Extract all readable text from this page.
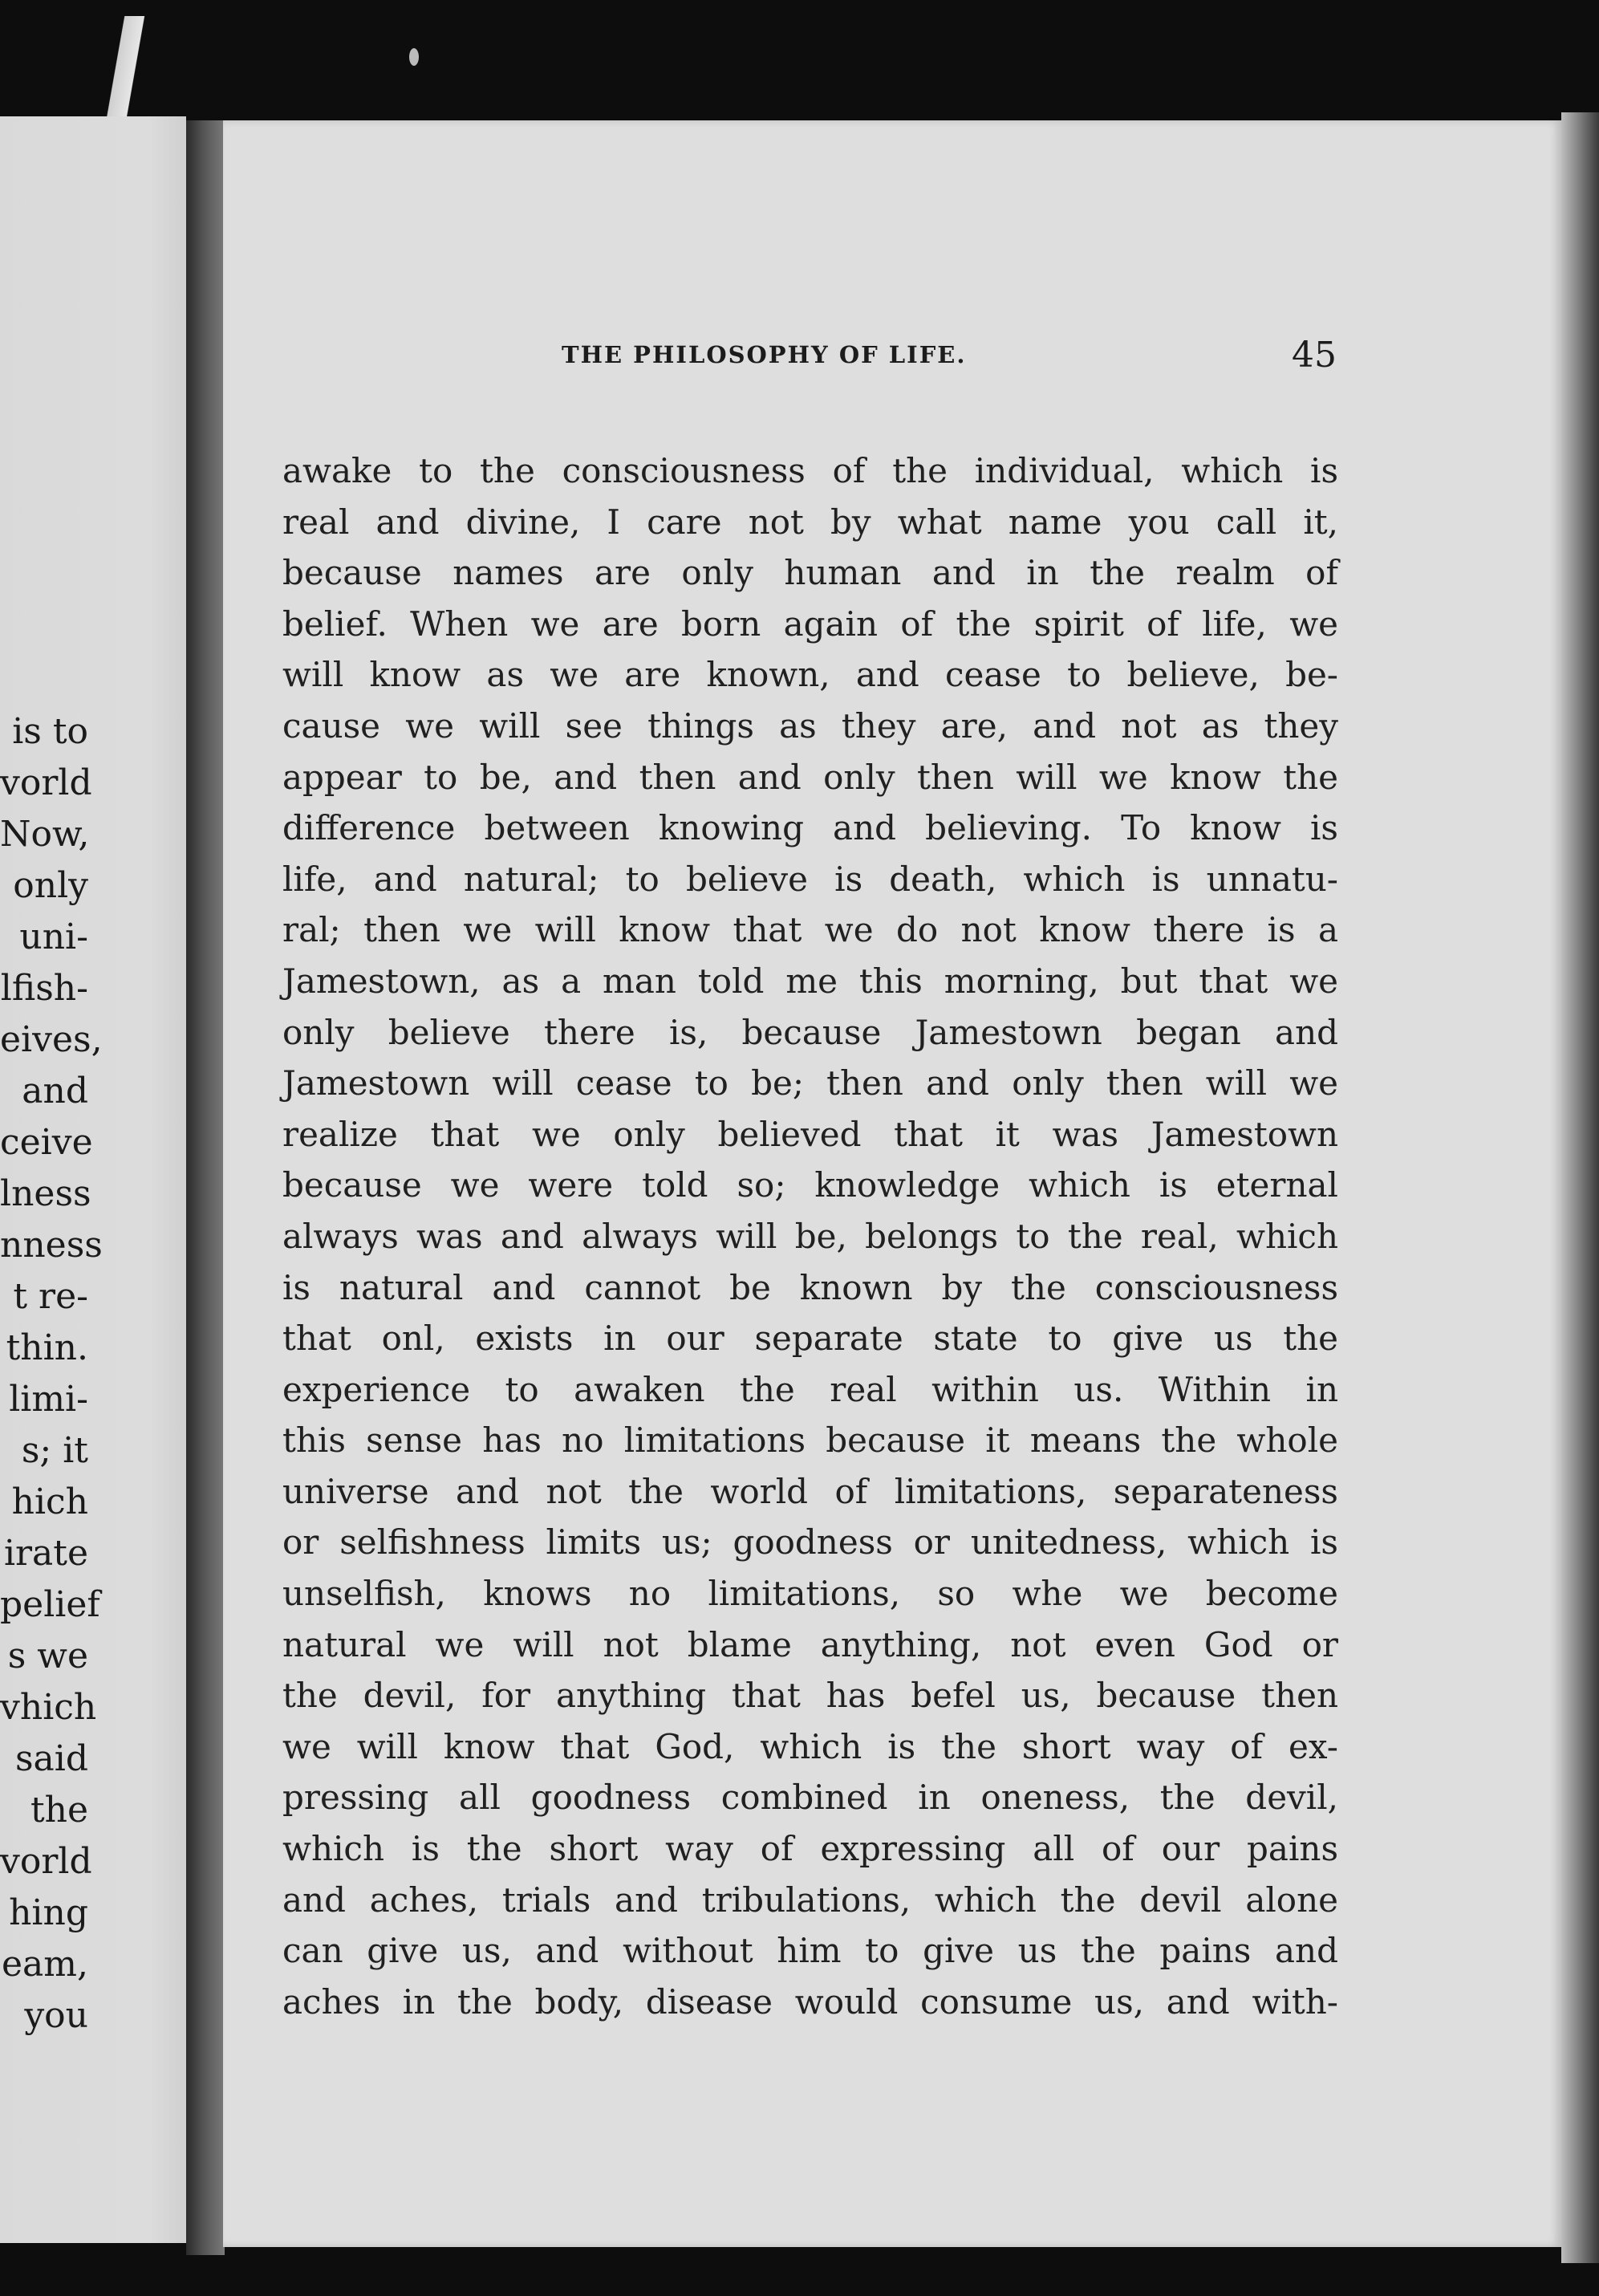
is to
vorld
Now,
only
uni-
lfish-
eives,
and
ceive
lness
nness
t re-
thin.
limi-
s; it
hich
irate
pelief
s we
vhich
said
the
vorld
hing
eam,
you
THE PHILOSOPHY OF LIFE.	45
awake to the consciousness of the individual, which is
real and divine, I care not by what name you call it,
because names are only human and in the realm of
belief. When we are born again of the spirit of life, we
will know as we are known, and cease to believe, be-
cause we will see things as they are, and not as they
appear to be, and then and only then will we know the
difference between knowing and believing. To know is
life, and natural; to believe is death, which is unnatu-
ral; then we will know that we do not know there is a
Jamestown, as a man told me this morning, but that we
only believe there is, because Jamestown began and
Jamestown will cease to be; then and only then will we
realize that we only believed that it was Jamestown
because we were told so; knowledge which is eternal
always was and always will be, belongs to the real, which
is natural and cannot be known by the consciousness
that onl, exists in our separate state to give us the
experience to awaken the real within us. Within in
this sense has no limitations because it means the whole
universe and not the world of limitations, separateness
or selfishness limits us; goodness or unitedness, which is
unselfish, knows no limitations, so whe we become
natural we will not blame anything, not even God or
the devil, for anything that has befel us, because then
we will know that God, which is the short way of ex-
pressing all goodness combined in oneness, the devil,
which is the short way of expressing all of our pains
and aches, trials and tribulations, which the devil alone
can give us, and without him to give us the pains and
aches in the body, disease would consume us, and with-
